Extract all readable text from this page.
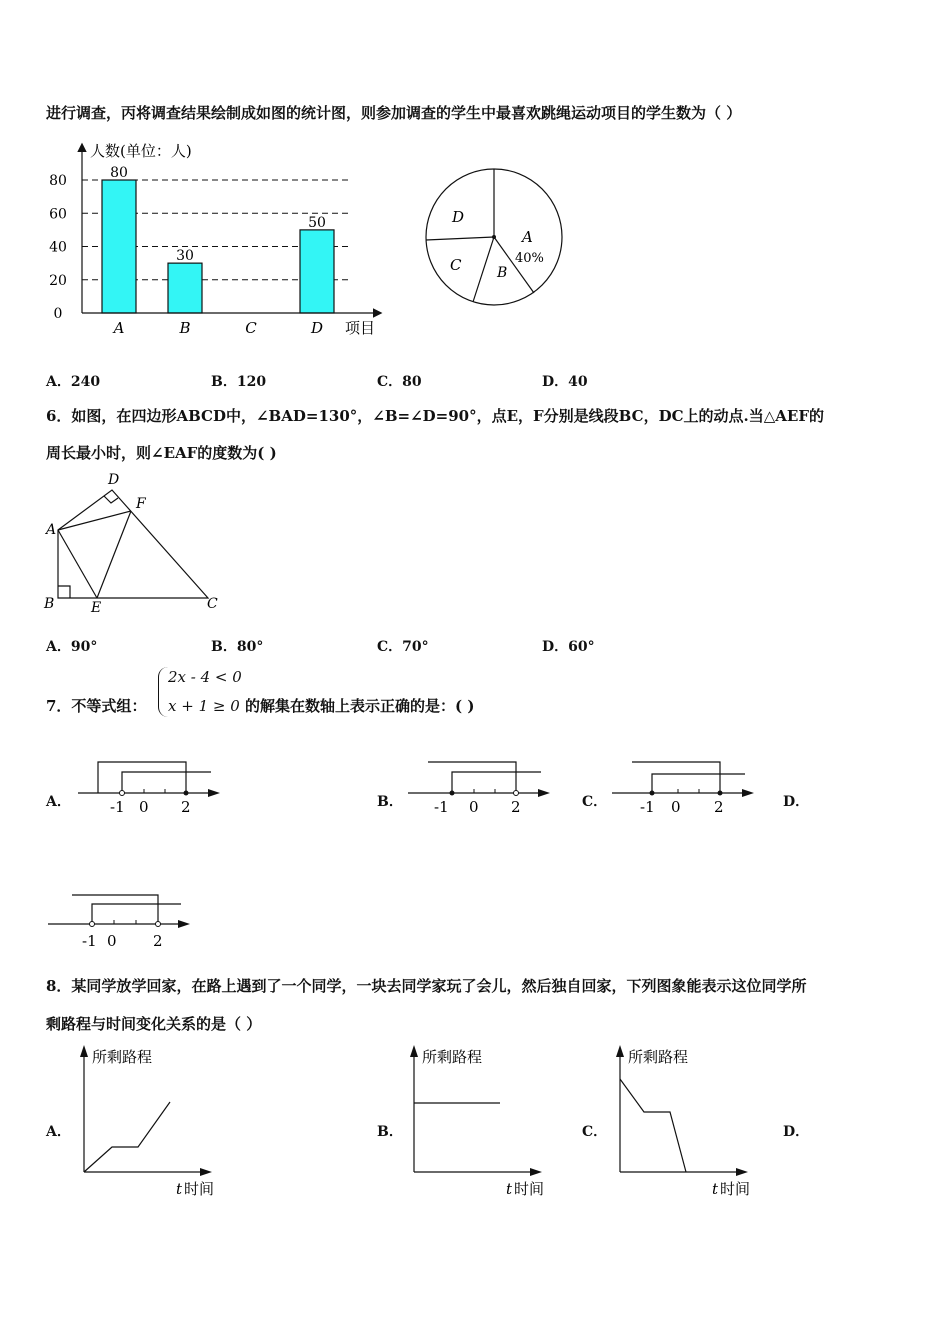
进行调查，丙将调查结果绘制成如图的统计图，则参加调查的学生中最喜欢跳绳运动项目的学生数为（ ）
人数(单位：人)
项目
80
60
40
20
0
A	B	C	D
80
30
50	D
A
40%
C	B
A．240	B．120	C．80	D．40
6．如图，在四边形ABCD中，∠BAD=130°，∠B=∠D=90°，点E，F分别是线段BC，DC上的动点.当△AEF的
周长最小时，则∠EAF的度数为( )
A
B	C
D
E
F
A．90°	B．80°	C．70°	D．60°
7．不等式组：
2x - 4 < 0
x + 1 ≥ 0 的解集在数轴上表示正确的是：( )
A．	-1 0 2	B． -1 0 2	C． -1 0 2	D．
-1 0 2
8．某同学放学回家，在路上遇到了一个同学，一块去同学家玩了会儿，然后独自回家，下列图象能表示这位同学所
剩路程与时间变化关系的是（ ）
A．
所剩路程
t 时间
B．
所剩路程
t 时间
C．
所剩路程
t 时间
D．
